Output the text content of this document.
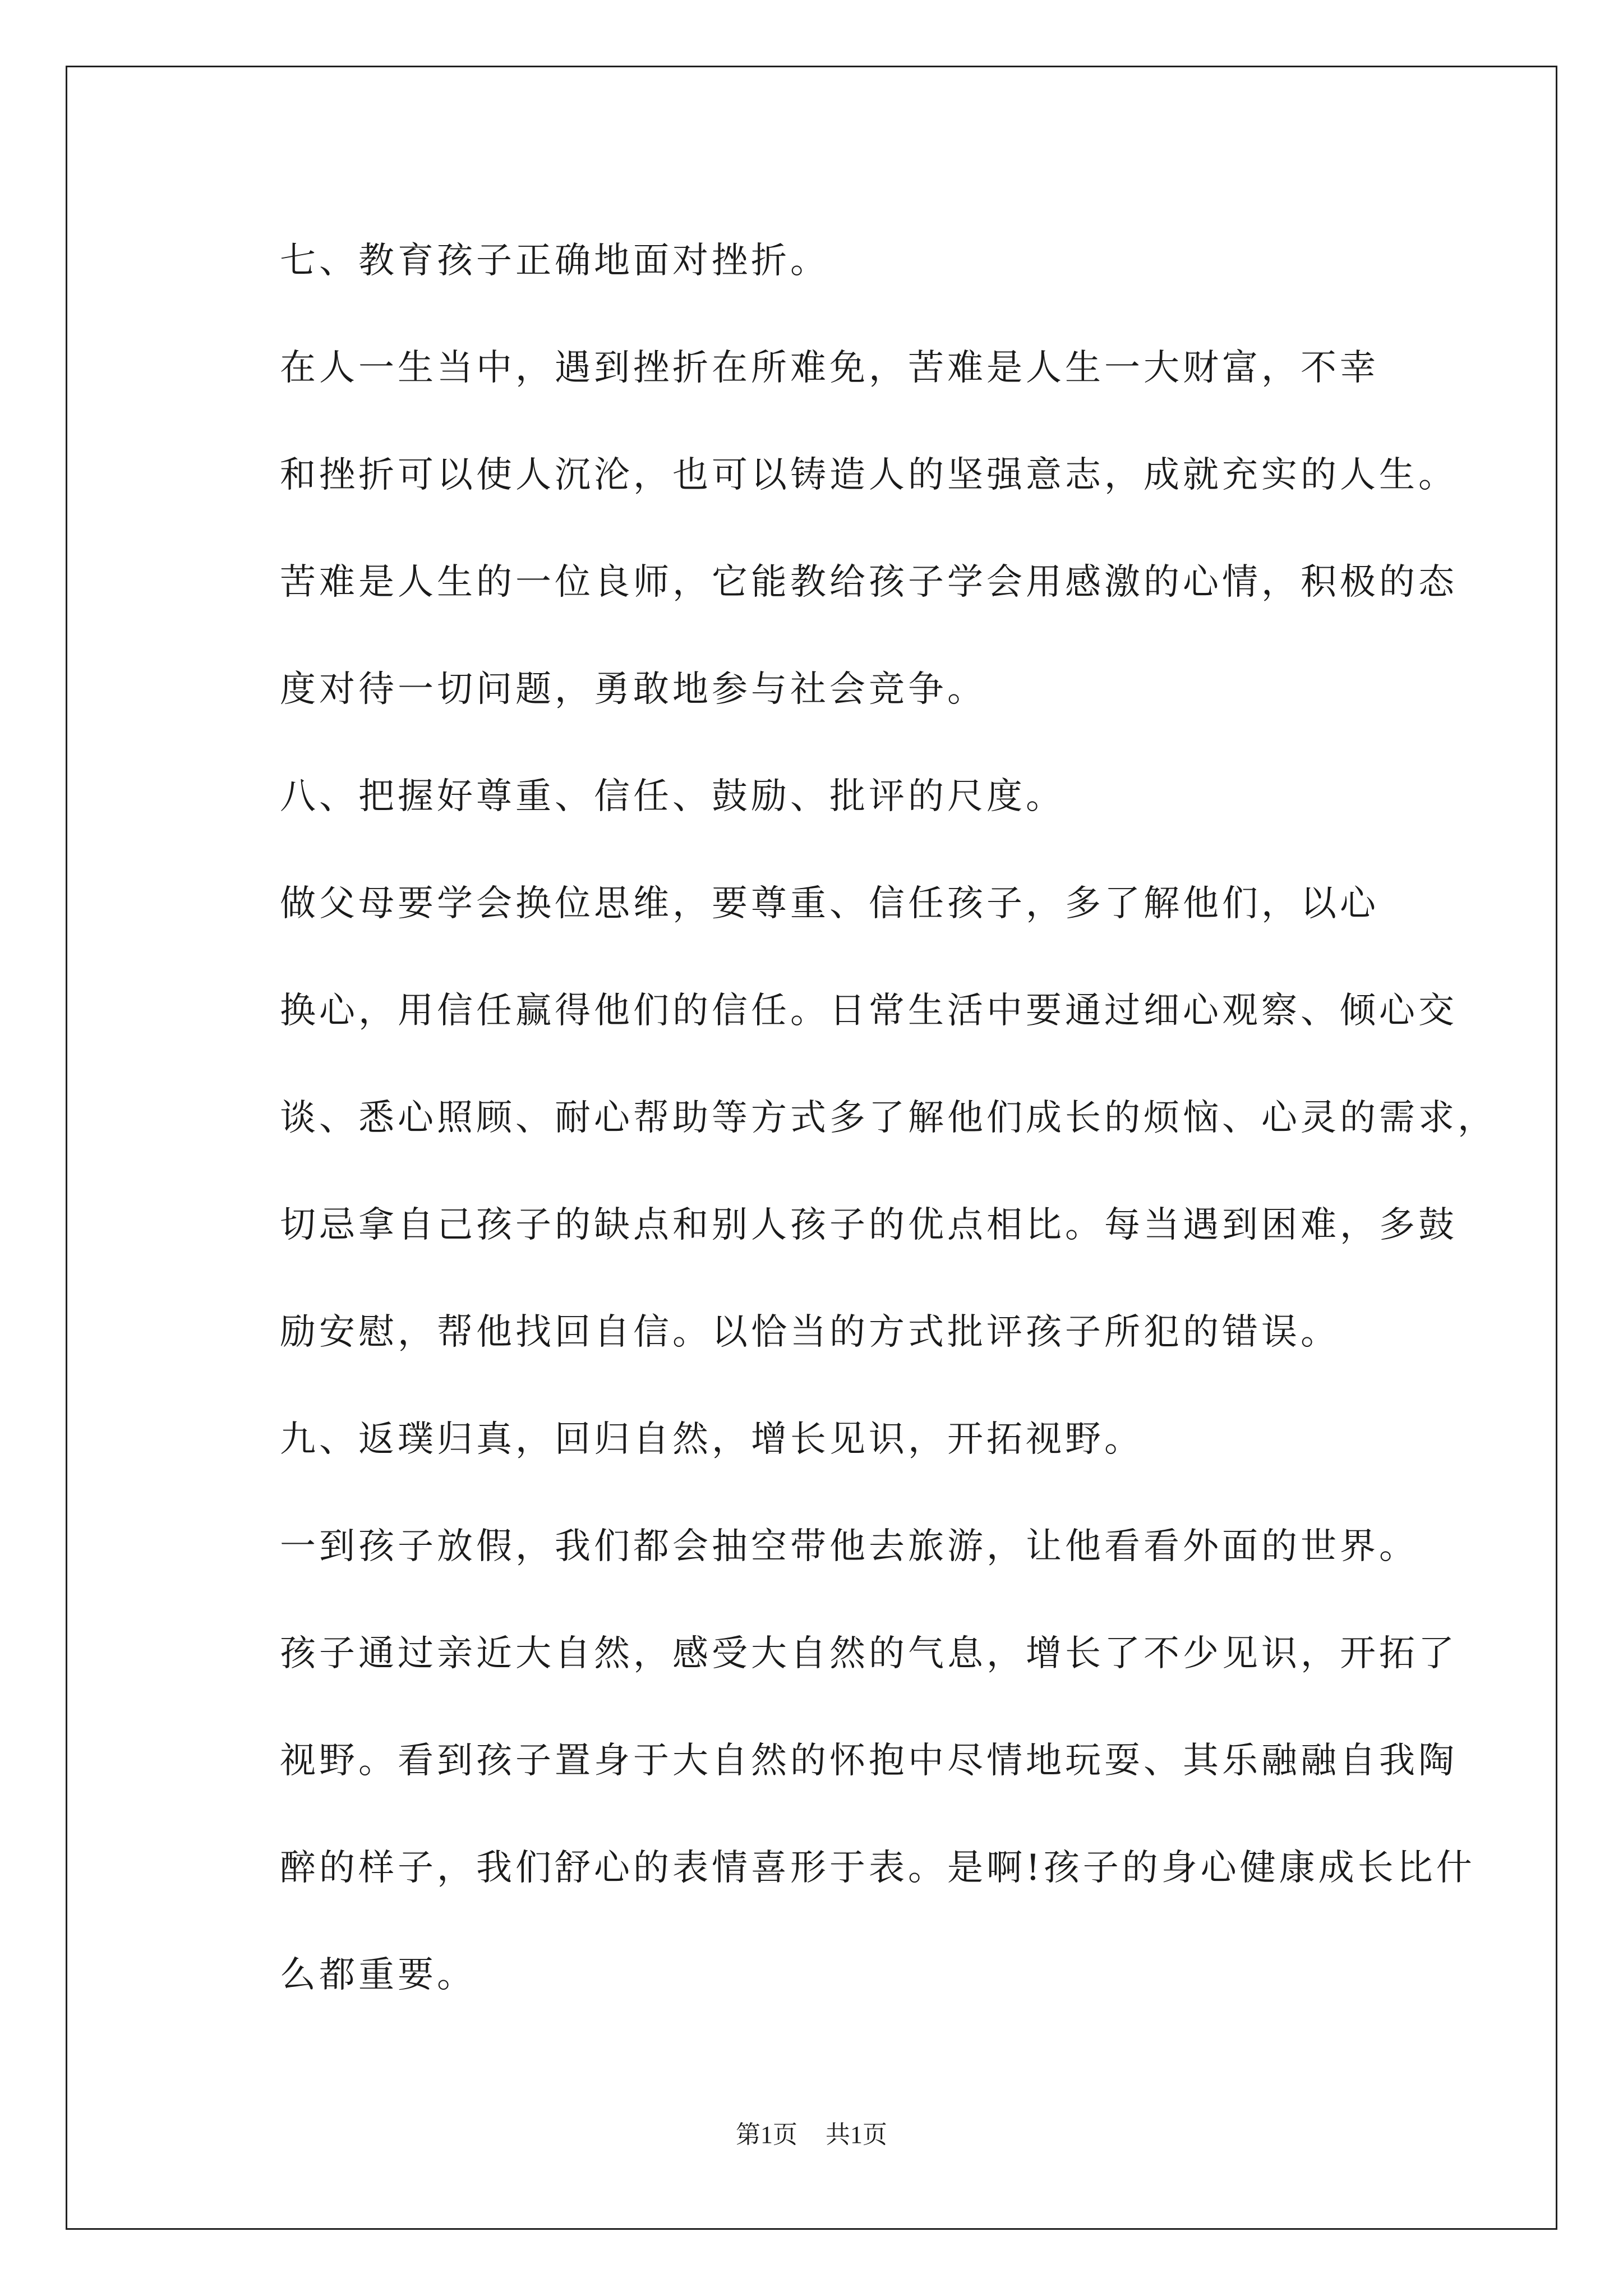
七、教育孩子正确地面对挫折。

在人一生当中，遇到挫折在所难免，苦难是人生一大财富，不幸
和挫折可以使人沉沦，也可以铸造人的坚强意志，成就充实的人生。
苦难是人生的一位良师，它能教给孩子学会用感激的心情，积极的态
度对待一切问题，勇敢地参与社会竞争。

八、把握好尊重、信任、鼓励、批评的尺度。

做父母要学会换位思维，要尊重、信任孩子，多了解他们，以心
换心，用信任赢得他们的信任。日常生活中要通过细心观察、倾心交
谈、悉心照顾、耐心帮助等方式多了解他们成长的烦恼、心灵的需求，
切忌拿自己孩子的缺点和别人孩子的优点相比。每当遇到困难，多鼓
励安慰，帮他找回自信。以恰当的方式批评孩子所犯的错误。

九、返璞归真，回归自然，增长见识，开拓视野。

一到孩子放假，我们都会抽空带他去旅游，让他看看外面的世界。
孩子通过亲近大自然，感受大自然的气息，增长了不少见识，开拓了
视野。看到孩子置身于大自然的怀抱中尽情地玩耍、其乐融融自我陶
醉的样子，我们舒心的表情喜形于表。是啊!孩子的身心健康成长比什
么都重要。

第1页 共1页
